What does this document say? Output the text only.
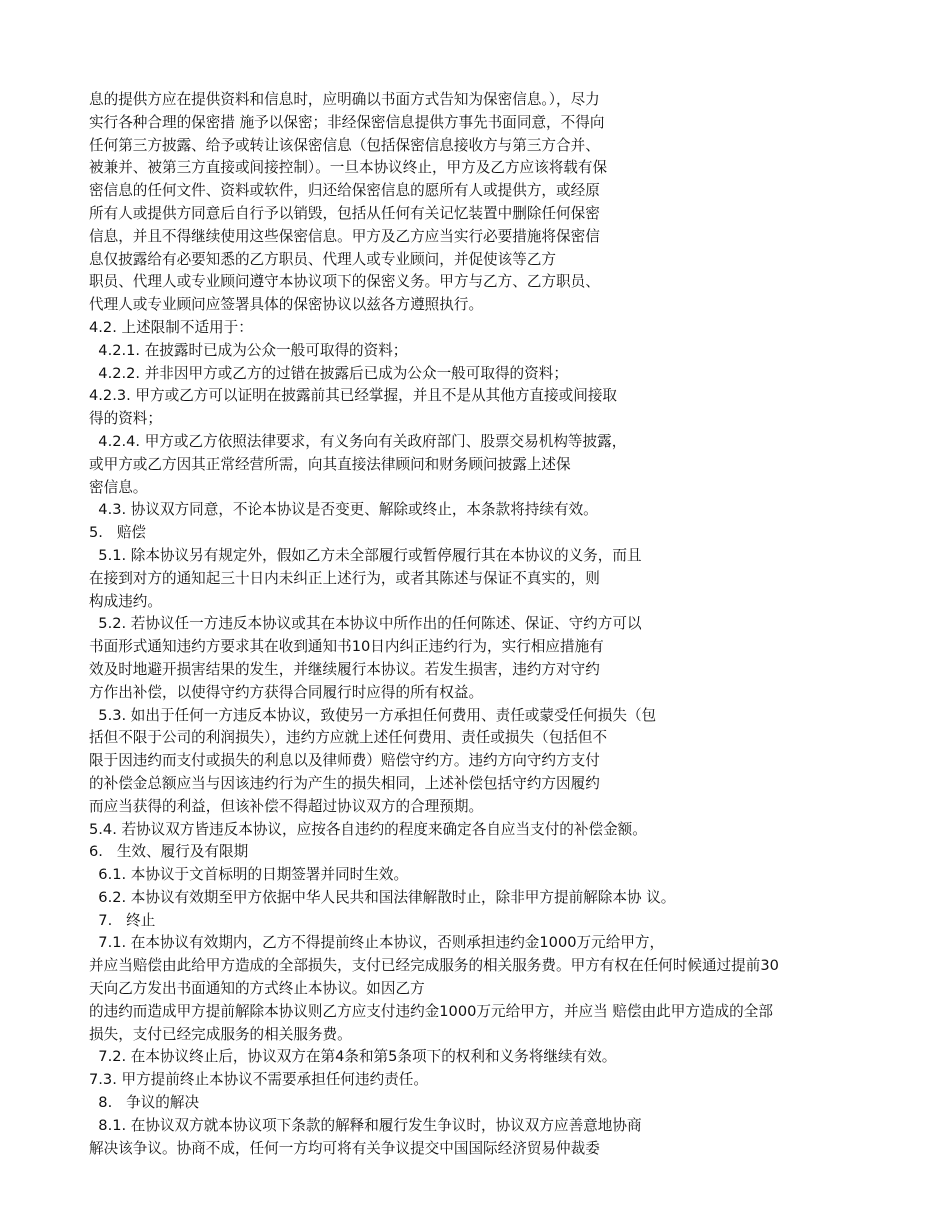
息的提供方应在提供资料和信息时，应明确以书面方式告知为保密信息。），尽力
实行各种合理的保密措 施予以保密；非经保密信息提供方事先书面同意，不得向
任何第三方披露、给予或转让该保密信息（包括保密信息接收方与第三方合并、
被兼并、被第三方直接或间接控制）。一旦本协议终止，甲方及乙方应该将载有保
密信息的任何文件、资料或软件，归还给保密信息的愿所有人或提供方，或经原
所有人或提供方同意后自行予以销毁，包括从任何有关记忆装置中删除任何保密
信息，并且不得继续使用这些保密信息。甲方及乙方应当实行必要措施将保密信
息仅披露给有必要知悉的乙方职员、代理人或专业顾问，并促使该等乙方
职员、代理人或专业顾问遵守本协议项下的保密义务。甲方与乙方、乙方职员、
代理人或专业顾问应签署具体的保密协议以兹各方遵照执行。
4.2. 上述限制不适用于：
4.2.1. 在披露时已成为公众一般可取得的资料；
4.2.2. 并非因甲方或乙方的过错在披露后已成为公众一般可取得的资料；
4.2.3. 甲方或乙方可以证明在披露前其已经掌握，并且不是从其他方直接或间接取
得的资料；
4.2.4. 甲方或乙方依照法律要求，有义务向有关政府部门、股票交易机构等披露，
或甲方或乙方因其正常经营所需，向其直接法律顾问和财务顾问披露上述保
密信息。
4.3. 协议双方同意，不论本协议是否变更、解除或终止，本条款将持续有效。
5.   赔偿
5.1. 除本协议另有规定外，假如乙方未全部履行或暂停履行其在本协议的义务，而且
在接到对方的通知起三十日内未纠正上述行为，或者其陈述与保证不真实的，则
构成违约。
5.2. 若协议任一方违反本协议或其在本协议中所作出的任何陈述、保证、守约方可以
书面形式通知违约方要求其在收到通知书10日内纠正违约行为，实行相应措施有
效及时地避开损害结果的发生，并继续履行本协议。若发生损害，违约方对守约
方作出补偿，以使得守约方获得合同履行时应得的所有权益。
5.3. 如出于任何一方违反本协议，致使另一方承担任何费用、责任或蒙受任何损失（包
括但不限于公司的利润损失），违约方应就上述任何费用、责任或损失（包括但不
限于因违约而支付或损失的利息以及律师费）赔偿守约方。违约方向守约方支付
的补偿金总额应当与因该违约行为产生的损失相同，上述补偿包括守约方因履约
而应当获得的利益，但该补偿不得超过协议双方的合理预期。
5.4. 若协议双方皆违反本协议，应按各自违约的程度来确定各自应当支付的补偿金额。
6.   生效、履行及有限期
6.1. 本协议于文首标明的日期签署并同时生效。
6.2. 本协议有效期至甲方依据中华人民共和国法律解散时止，除非甲方提前解除本协 议。
7.   终止
7.1. 在本协议有效期内，乙方不得提前终止本协议，否则承担违约金1000万元给甲方，
并应当赔偿由此给甲方造成的全部损失，支付已经完成服务的相关服务费。甲方有权在任何时候通过提前30
天向乙方发出书面通知的方式终止本协议。如因乙方
的违约而造成甲方提前解除本协议则乙方应支付违约金1000万元给甲方，并应当 赔偿由此甲方造成的全部
损失，支付已经完成服务的相关服务费。
7.2. 在本协议终止后，协议双方在第4条和第5条项下的权利和义务将继续有效。
7.3. 甲方提前终止本协议不需要承担任何违约责任。
8.   争议的解决
8.1. 在协议双方就本协议项下条款的解释和履行发生争议时，协议双方应善意地协商
解决该争议。协商不成，任何一方均可将有关争议提交中国国际经济贸易仲裁委
